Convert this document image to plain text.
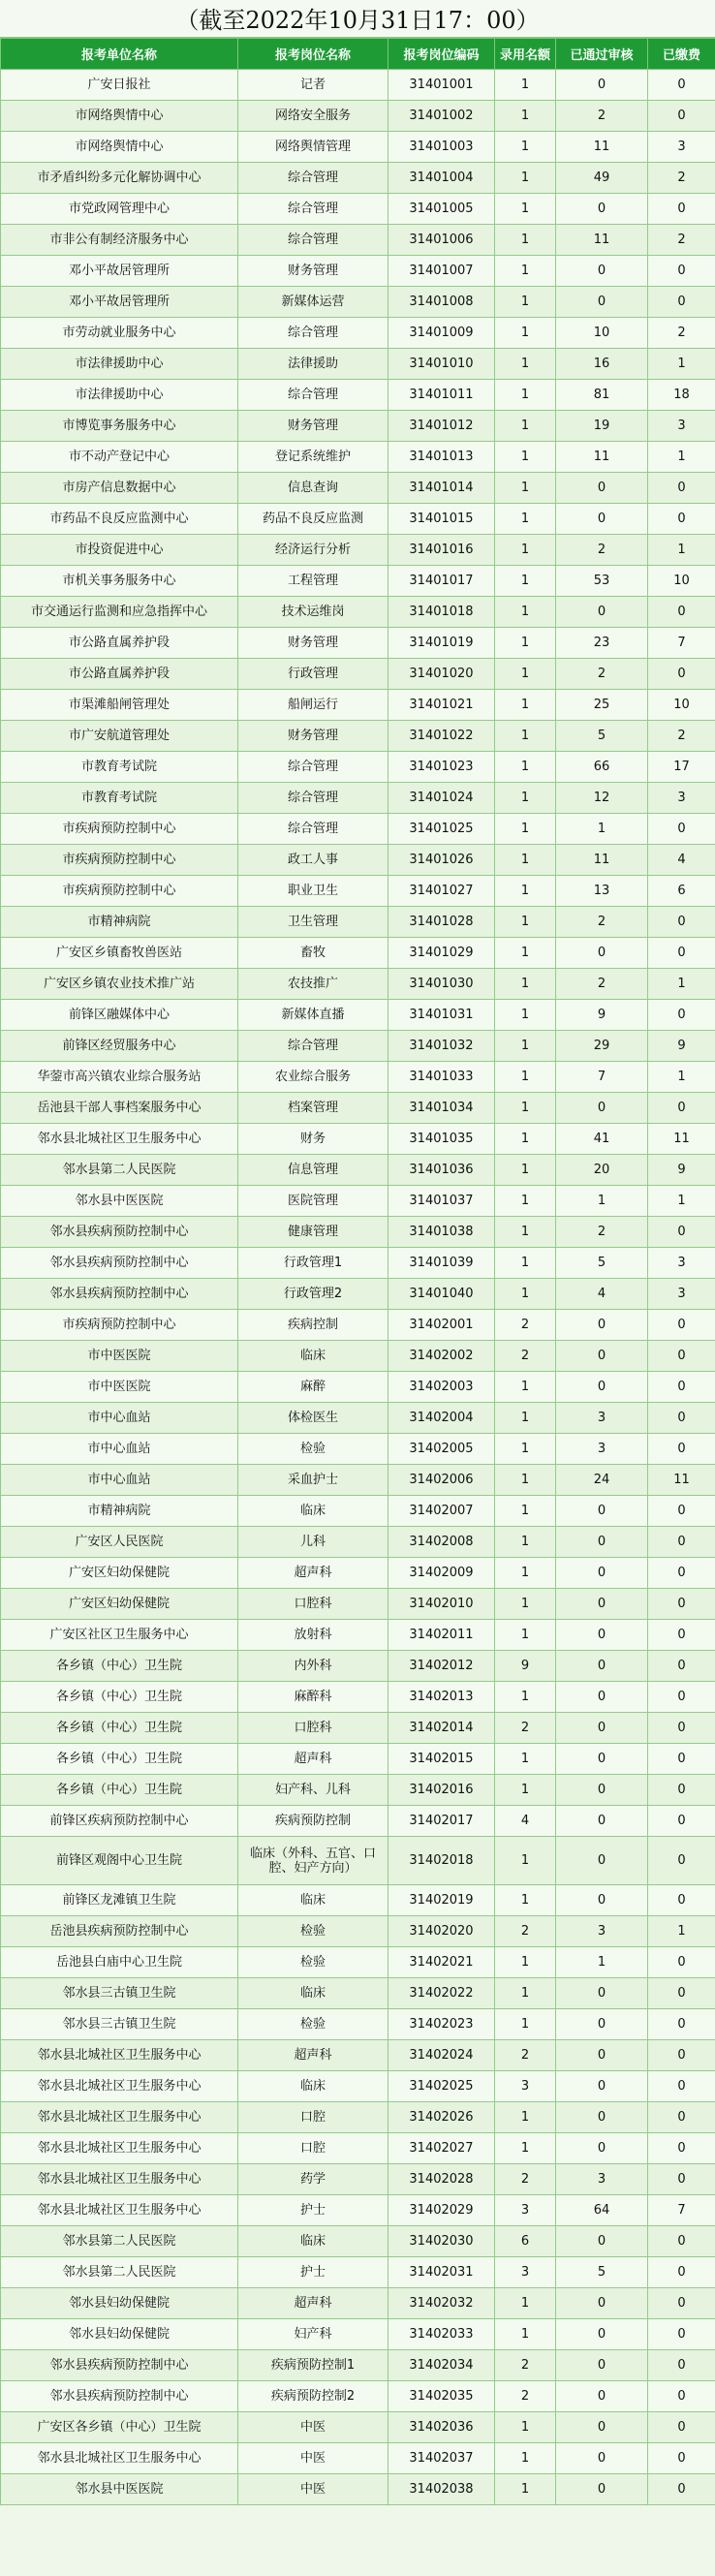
（截至2022年10月31日17：00）
报考单位名称	报考岗位名称	报考岗位编码	录用名额	已通过审核	已缴费
广安日报社	记者	31401001	1	0	0
市网络舆情中心	网络安全服务	31401002	1	2	0
市网络舆情中心	网络舆情管理	31401003	1	11	3
市矛盾纠纷多元化解协调中心	综合管理	31401004	1	49	2
市党政网管理中心	综合管理	31401005	1	0	0
市非公有制经济服务中心	综合管理	31401006	1	11	2
邓小平故居管理所	财务管理	31401007	1	0	0
邓小平故居管理所	新媒体运营	31401008	1	0	0
市劳动就业服务中心	综合管理	31401009	1	10	2
市法律援助中心	法律援助	31401010	1	16	1
市法律援助中心	综合管理	31401011	1	81	18
市博览事务服务中心	财务管理	31401012	1	19	3
市不动产登记中心	登记系统维护	31401013	1	11	1
市房产信息数据中心	信息查询	31401014	1	0	0
市药品不良反应监测中心	药品不良反应监测	31401015	1	0	0
市投资促进中心	经济运行分析	31401016	1	2	1
市机关事务服务中心	工程管理	31401017	1	53	10
市交通运行监测和应急指挥中心	技术运维岗	31401018	1	0	0
市公路直属养护段	财务管理	31401019	1	23	7
市公路直属养护段	行政管理	31401020	1	2	0
市渠滩船闸管理处	船闸运行	31401021	1	25	10
市广安航道管理处	财务管理	31401022	1	5	2
市教育考试院	综合管理	31401023	1	66	17
市教育考试院	综合管理	31401024	1	12	3
市疾病预防控制中心	综合管理	31401025	1	1	0
市疾病预防控制中心	政工人事	31401026	1	11	4
市疾病预防控制中心	职业卫生	31401027	1	13	6
市精神病院	卫生管理	31401028	1	2	0
广安区乡镇畜牧兽医站	畜牧	31401029	1	0	0
广安区乡镇农业技术推广站	农技推广	31401030	1	2	1
前锋区融媒体中心	新媒体直播	31401031	1	9	0
前锋区经贸服务中心	综合管理	31401032	1	29	9
华蓥市高兴镇农业综合服务站	农业综合服务	31401033	1	7	1
岳池县干部人事档案服务中心	档案管理	31401034	1	0	0
邻水县北城社区卫生服务中心	财务	31401035	1	41	11
邻水县第二人民医院	信息管理	31401036	1	20	9
邻水县中医医院	医院管理	31401037	1	1	1
邻水县疾病预防控制中心	健康管理	31401038	1	2	0
邻水县疾病预防控制中心	行政管理1	31401039	1	5	3
邻水县疾病预防控制中心	行政管理2	31401040	1	4	3
市疾病预防控制中心	疾病控制	31402001	2	0	0
市中医医院	临床	31402002	2	0	0
市中医医院	麻醉	31402003	1	0	0
市中心血站	体检医生	31402004	1	3	0
市中心血站	检验	31402005	1	3	0
市中心血站	采血护士	31402006	1	24	11
市精神病院	临床	31402007	1	0	0
广安区人民医院	儿科	31402008	1	0	0
广安区妇幼保健院	超声科	31402009	1	0	0
广安区妇幼保健院	口腔科	31402010	1	0	0
广安区社区卫生服务中心	放射科	31402011	1	0	0
各乡镇（中心）卫生院	内外科	31402012	9	0	0
各乡镇（中心）卫生院	麻醉科	31402013	1	0	0
各乡镇（中心）卫生院	口腔科	31402014	2	0	0
各乡镇（中心）卫生院	超声科	31402015	1	0	0
各乡镇（中心）卫生院	妇产科、儿科	31402016	1	0	0
前锋区疾病预防控制中心	疾病预防控制	31402017	4	0	0
前锋区观阁中心卫生院	临床（外科、五官、口腔、妇产方向）	31402018	1	0	0
前锋区龙滩镇卫生院	临床	31402019	1	0	0
岳池县疾病预防控制中心	检验	31402020	2	3	1
岳池县白庙中心卫生院	检验	31402021	1	1	0
邻水县三古镇卫生院	临床	31402022	1	0	0
邻水县三古镇卫生院	检验	31402023	1	0	0
邻水县北城社区卫生服务中心	超声科	31402024	2	0	0
邻水县北城社区卫生服务中心	临床	31402025	3	0	0
邻水县北城社区卫生服务中心	口腔	31402026	1	0	0
邻水县北城社区卫生服务中心	口腔	31402027	1	0	0
邻水县北城社区卫生服务中心	药学	31402028	2	3	0
邻水县北城社区卫生服务中心	护士	31402029	3	64	7
邻水县第二人民医院	临床	31402030	6	0	0
邻水县第二人民医院	护士	31402031	3	5	0
邻水县妇幼保健院	超声科	31402032	1	0	0
邻水县妇幼保健院	妇产科	31402033	1	0	0
邻水县疾病预防控制中心	疾病预防控制1	31402034	2	0	0
邻水县疾病预防控制中心	疾病预防控制2	31402035	2	0	0
广安区各乡镇（中心）卫生院	中医	31402036	1	0	0
邻水县北城社区卫生服务中心	中医	31402037	1	0	0
邻水县中医医院	中医	31402038	1	0	0
